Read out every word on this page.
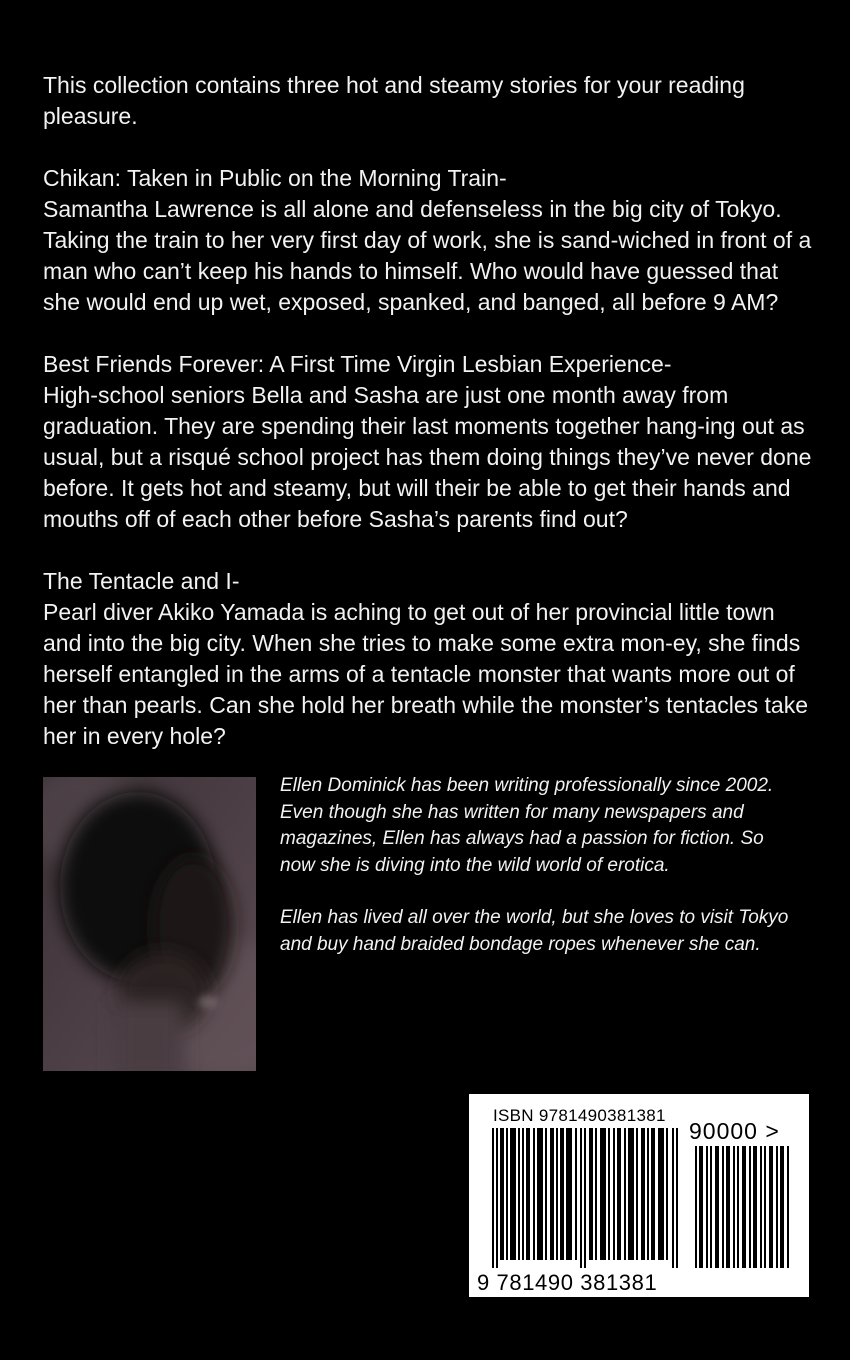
This collection contains three hot and steamy stories for your reading pleasure.

Chikan: Taken in Public on the Morning Train-
Samantha Lawrence is all alone and defenseless in the big city of Tokyo. Taking the train to her very first day of work, she is sand-wiched in front of a man who can’t keep his hands to himself. Who would have guessed that she would end up wet, exposed, spanked, and banged, all before 9 AM?

Best Friends Forever: A First Time Virgin Lesbian Experience-
High-school seniors Bella and Sasha are just one month away from graduation. They are spending their last moments together hang-ing out as usual, but a risqué school project has them doing things they’ve never done before. It gets hot and steamy, but will their be able to get their hands and mouths off of each other before Sasha’s parents find out?

The Tentacle and I-
Pearl diver Akiko Yamada is aching to get out of her provincial little town and into the big city. When she tries to make some extra mon-ey, she finds herself entangled in the arms of a tentacle monster that wants more out of her than pearls. Can she hold her breath while the monster’s tentacles take her in every hole?

Ellen Dominick has been writing professionally since 2002. Even though she has written for many newspapers and magazines, Ellen has always had a passion for fiction. So now she is diving into the wild world of erotica.

Ellen has lived all over the world, but she loves to visit Tokyo and buy hand braided bondage ropes whenever she can.

ISBN 9781490381381
90000 >
9 781490 381381
